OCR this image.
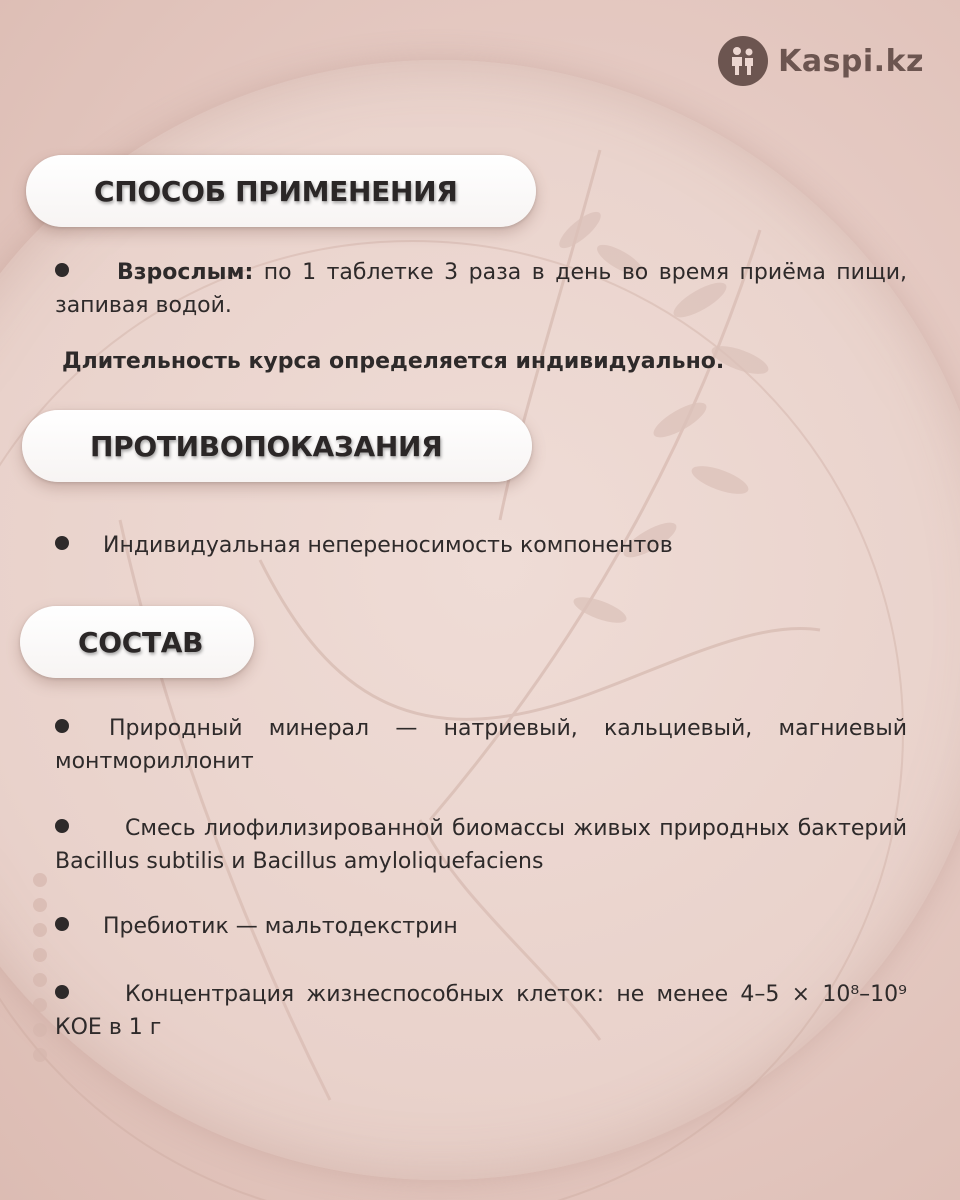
Kaspi.kz
СПОСОБ ПРИМЕНЕНИЯ
Взрослым: по 1 таблетке 3 раза в день во время приёма пищи, запивая водой.
Длительность курса определяется индивидуально.
ПРОТИВОПОКАЗАНИЯ
Индивидуальная непереносимость компонентов
СОСТАВ
Природный минерал — натриевый, кальциевый, магниевый монтмориллонит
Смесь лиофилизированной биомассы живых природных бактерий Bacillus subtilis и Bacillus amyloliquefaciens
Пребиотик — мальтодекстрин
Концентрация жизнеспособных клеток: не менее 4–5 × 10⁸–10⁹ КОЕ в 1 г
